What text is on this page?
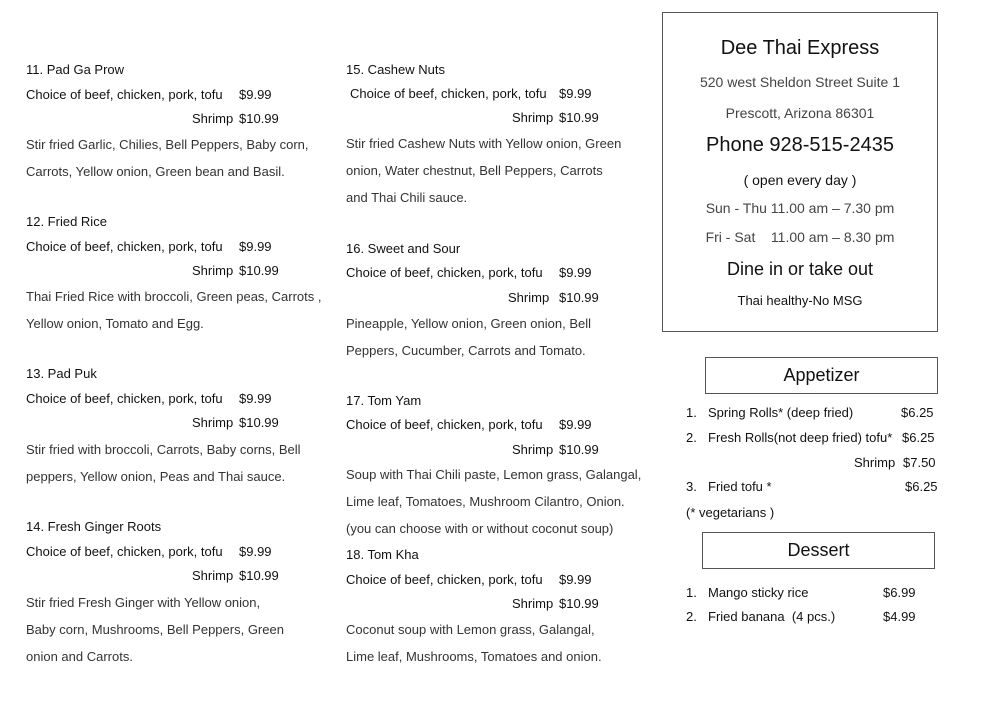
11. Pad Ga Prow
Choice of beef, chicken, pork, tofu $9.99
Shrimp $10.99
Stir fried Garlic, Chilies, Bell Peppers, Baby corn,
Carrots, Yellow onion, Green bean and Basil.
12. Fried Rice
Choice of beef, chicken, pork, tofu $9.99
Shrimp $10.99
Thai Fried Rice with broccoli, Green peas, Carrots ,
Yellow onion, Tomato and Egg.
13. Pad Puk
Choice of beef, chicken, pork, tofu $9.99
Shrimp $10.99
Stir fried with broccoli, Carrots, Baby corns, Bell
peppers, Yellow onion, Peas and Thai sauce.
14. Fresh Ginger Roots
Choice of beef, chicken, pork, tofu $9.99
Shrimp $10.99
Stir fried Fresh Ginger with Yellow onion,
Baby corn, Mushrooms, Bell Peppers, Green
onion and Carrots.
15. Cashew Nuts
Choice of beef, chicken, pork, tofu $9.99
Shrimp $10.99
Stir fried Cashew Nuts with Yellow onion, Green
onion, Water chestnut, Bell Peppers, Carrots
and Thai Chili sauce.
16. Sweet and Sour
Choice of beef, chicken, pork, tofu $9.99
Shrimp $10.99
Pineapple, Yellow onion, Green onion, Bell
Peppers, Cucumber, Carrots and Tomato.
17. Tom Yam
Choice of beef, chicken, pork, tofu $9.99
Shrimp $10.99
Soup with Thai Chili paste, Lemon grass, Galangal,
Lime leaf, Tomatoes, Mushroom Cilantro, Onion.
(you can choose with or without coconut soup)
18. Tom Kha
Choice of beef, chicken, pork, tofu $9.99
Shrimp $10.99
Coconut soup with Lemon grass, Galangal,
Lime leaf, Mushrooms, Tomatoes and onion.
Dee Thai Express
520 west Sheldon Street Suite 1
Prescott, Arizona 86301
Phone 928-515-2435
( open every day )
Sun - Thu 11.00 am – 7.30 pm
Fri - Sat    11.00 am – 8.30 pm
Dine in or take out
Thai healthy-No MSG
Appetizer
1. Spring Rolls* (deep fried)	$6.25
2. Fresh Rolls(not deep fried) tofu* $6.25
Shrimp $7.50
3. Fried tofu *	$6.25
(* vegetarians )
Dessert
1. Mango sticky rice	$6.99
2. Fried banana  (4 pcs.)	$4.99
